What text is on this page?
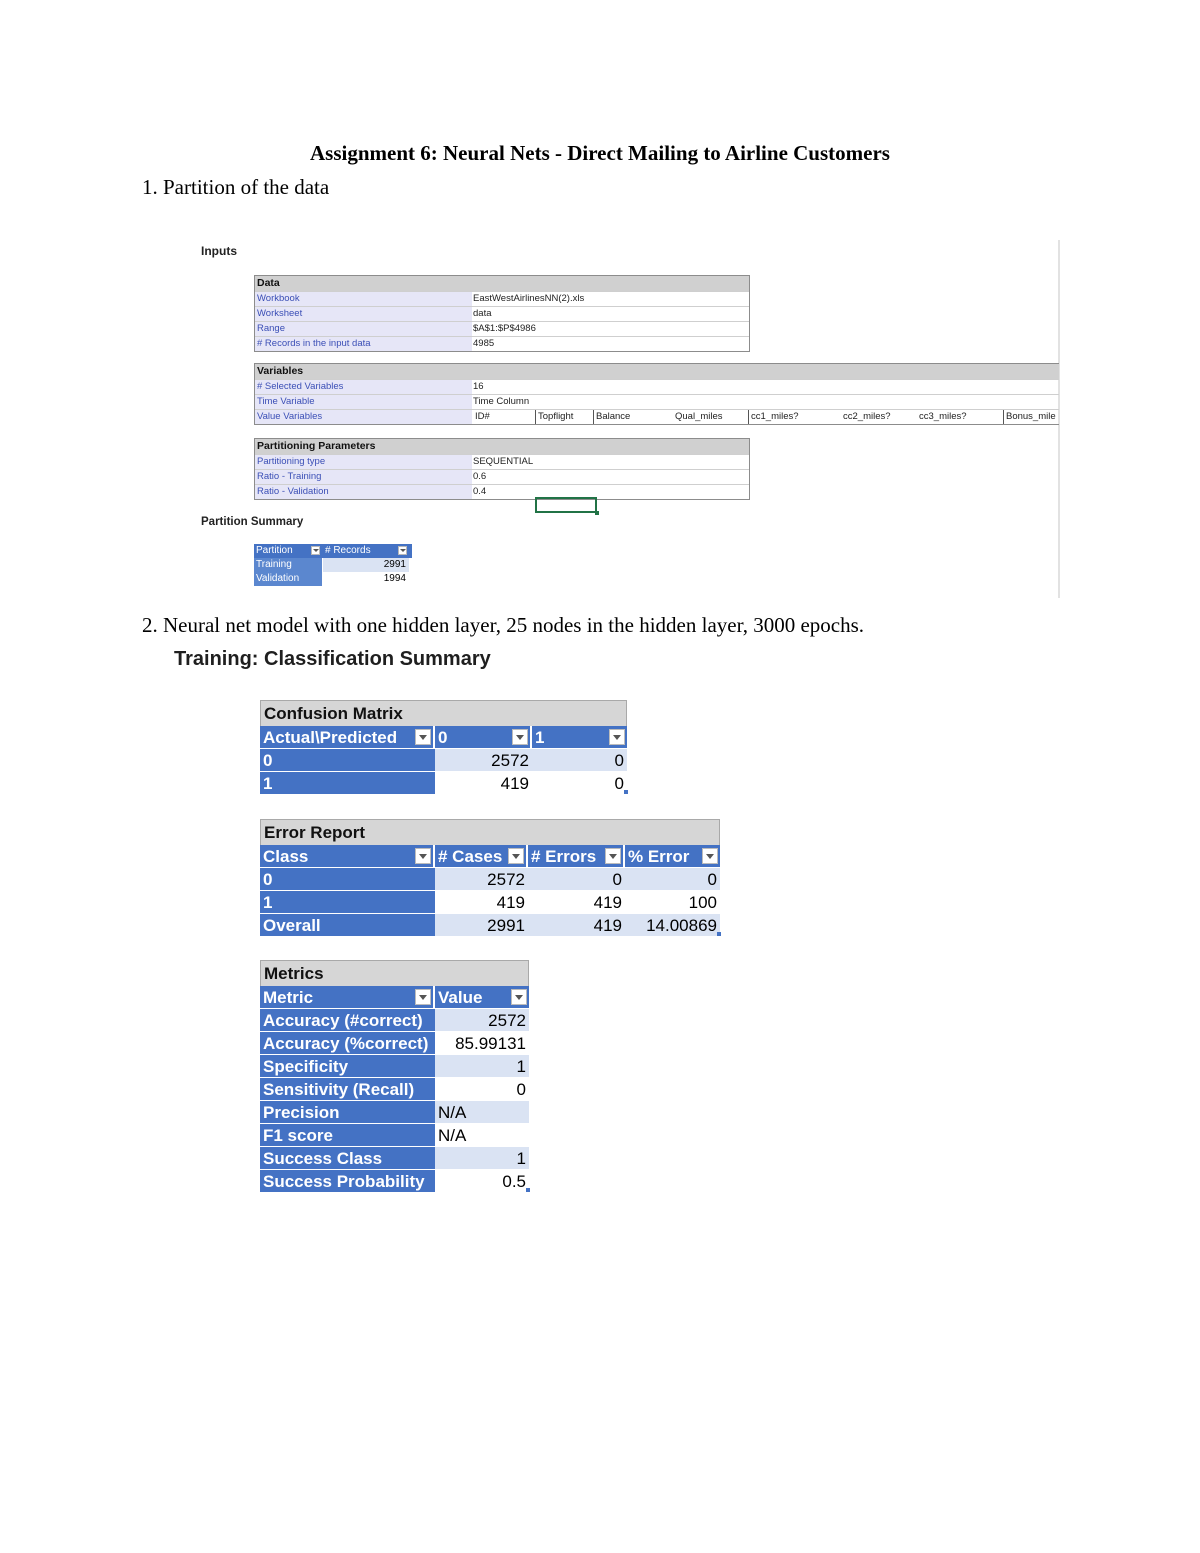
Assignment 6: Neural Nets - Direct Mailing to Airline Customers
1. Partition of the data
2. Neural net model with one hidden layer, 25 nodes in the hidden layer, 3000 epochs.
Inputs
Data
Workbook	EastWestAirlinesNN(2).xls
Worksheet	data
Range	$A$1:$P$4986
# Records in the input data	4985
Variables
# Selected Variables	16
Time Variable	Time Column
Value Variables	ID#	Topflight	Balance	Qual_miles	cc1_miles?	cc2_miles?	cc3_miles?	Bonus_mile
Partitioning Parameters
Partitioning type	SEQUENTIAL
Ratio - Training	0.6
Ratio - Validation	0.4
Partition Summary
Partition	# Records
Training	2991
Validation	1994
Training: Classification Summary
Confusion Matrix
Actual\Predicted	0	1
0	2572	0
1	419	0
Error Report
Class	# Cases	# Errors	% Error
0	2572	0	0
1	419	419	100
Overall	2991	419	14.00869
Metrics
Metric	Value
Accuracy (#correct)	2572
Accuracy (%correct)	85.99131
Specificity	1
Sensitivity (Recall)	0
Precision	N/A
F1 score	N/A
Success Class	1
Success Probability	0.5
